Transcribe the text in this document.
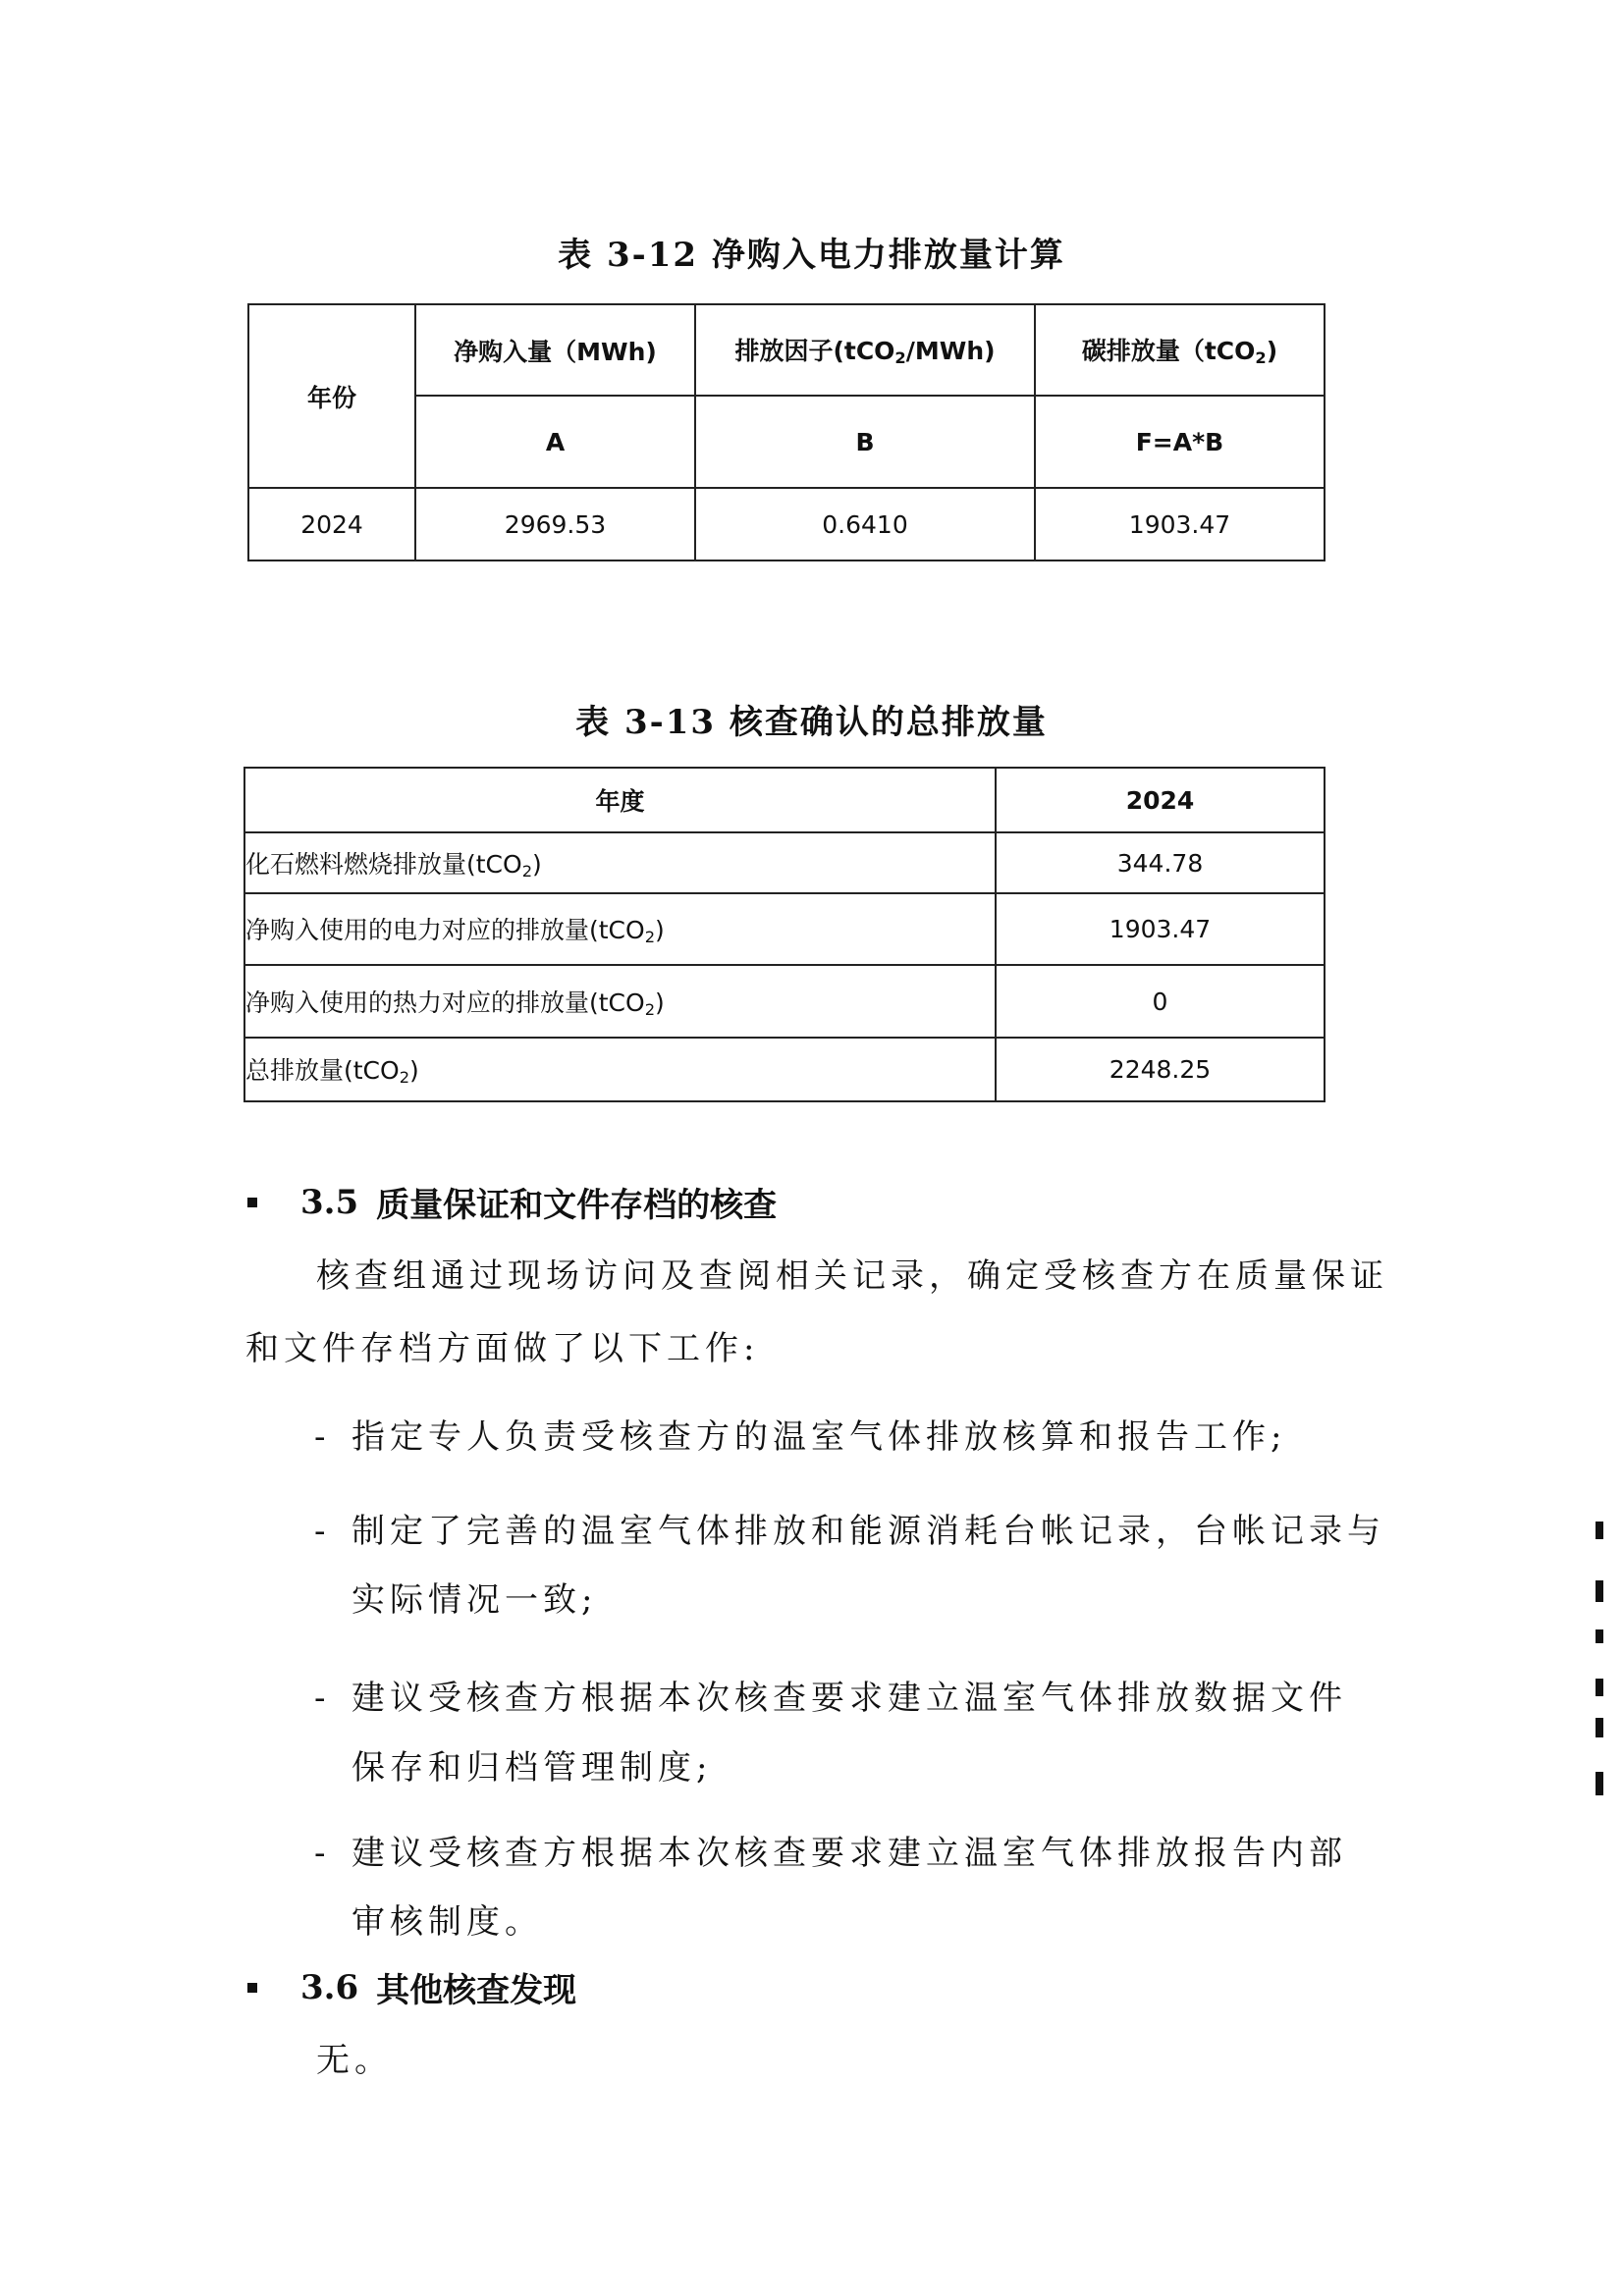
表 3-12 净购入电力排放量计算
年份	净购入量（MWh)	排放因子(tCO$_2$/MWh)	碳排放量（tCO$_2$)
	A	B	F=A*B
2024	2969.53	0.6410	1903.47
表 3-13 核查确认的总排放量
年度	2024
化石燃料燃烧排放量(tCO$_2$)	344.78
净购入使用的电力对应的排放量(tCO$_2$)	1903.47
净购入使用的热力对应的排放量(tCO$_2$)	0
总排放量(tCO$_2$)	2248.25
3.5 质量保证和文件存档的核查
核查组通过现场访问及查阅相关记录，确定受核查方在质量保证
和文件存档方面做了以下工作:
- 指定专人负责受核查方的温室气体排放核算和报告工作;
- 制定了完善的温室气体排放和能源消耗台帐记录，台帐记录与
实际情况一致;
- 建议受核查方根据本次核查要求建立温室气体排放数据文件
保存和归档管理制度;
- 建议受核查方根据本次核查要求建立温室气体排放报告内部
审核制度。
3.6 其他核查发现
无。
